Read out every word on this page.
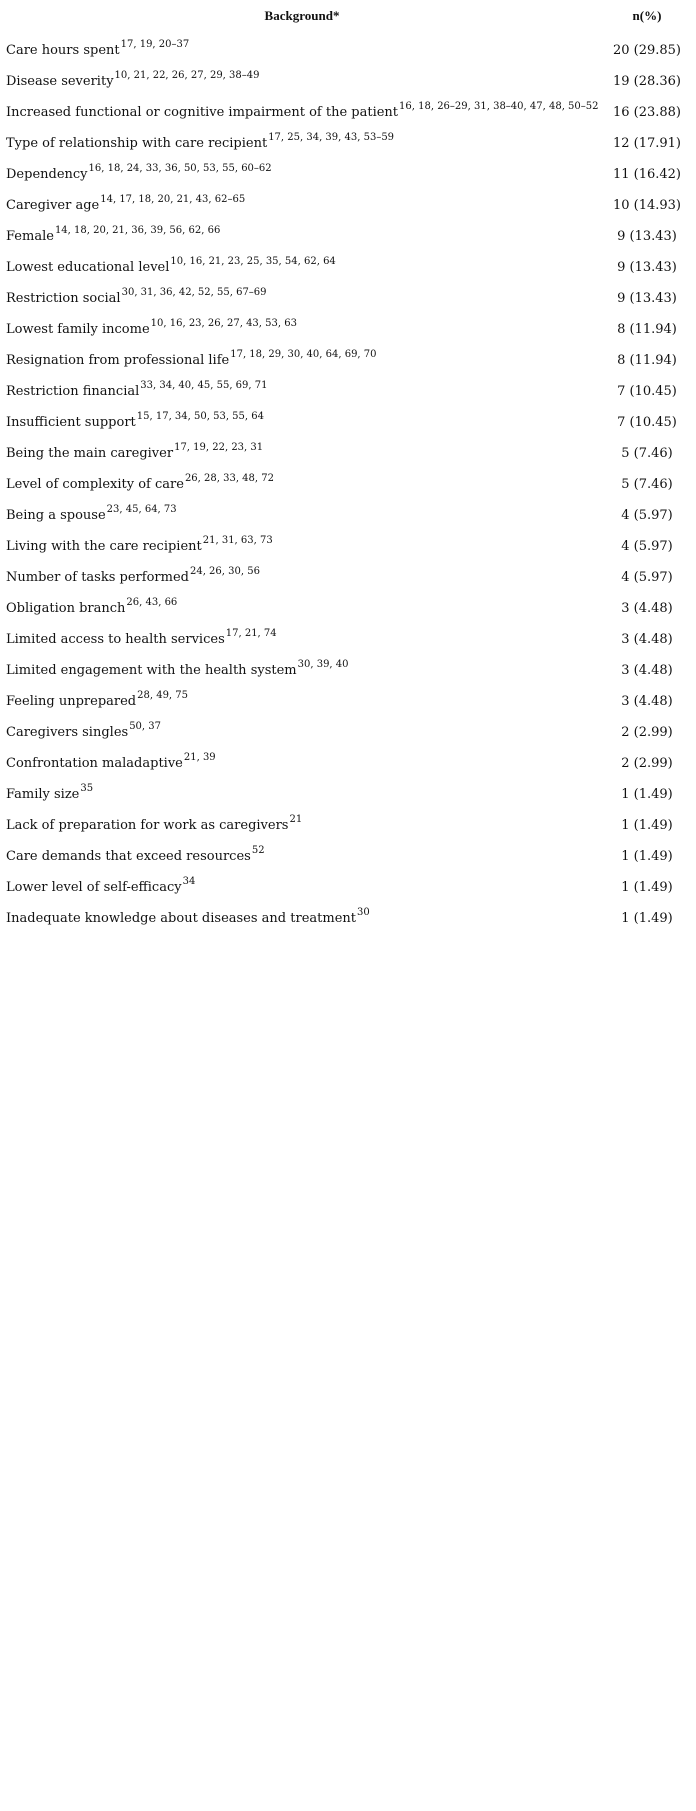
Background*	n(%)
Care hours spent$^{17, 19, 20-37}$	20 (29.85)
Disease severity$^{10, 21, 22, 26, 27, 29, 38-49}$	19 (28.36)
Increased functional or cognitive impairment of the patient$^{16, 18, 26-29, 31, 38-40, 47, 48, 50-52}$	16 (23.88)
Type of relationship with care recipient$^{17, 25, 34, 39, 43, 53-59}$	12 (17.91)
Dependency$^{16, 18, 24, 33, 36, 50, 53, 55, 60-62}$	11 (16.42)
Caregiver age$^{14, 17, 18, 20, 21, 43, 62-65}$	10 (14.93)
Female$^{14, 18, 20, 21, 36, 39, 56, 62, 66}$	9 (13.43)
Lowest educational level$^{10, 16, 21, 23, 25, 35, 54, 62, 64}$	9 (13.43)
Restriction social$^{30, 31, 36, 42, 52, 55, 67-69}$	9 (13.43)
Lowest family income$^{10, 16, 23, 26, 27, 43, 53, 63}$	8 (11.94)
Resignation from professional life$^{17, 18, 29, 30, 40, 64, 69, 70}$	8 (11.94)
Restriction financial$^{33, 34, 40, 45, 55, 69, 71}$	7 (10.45)
Insufficient support$^{15, 17, 34, 50, 53, 55, 64}$	7 (10.45)
Being the main caregiver$^{17, 19, 22, 23, 31}$	5 (7.46)
Level of complexity of care$^{26, 28, 33, 48, 72}$	5 (7.46)
Being a spouse$^{23, 45, 64, 73}$	4 (5.97)
Living with the care recipient$^{21, 31, 63, 73}$	4 (5.97)
Number of tasks performed$^{24, 26, 30, 56}$	4 (5.97)
Obligation branch$^{26, 43, 66}$	3 (4.48)
Limited access to health services$^{17, 21, 74}$	3 (4.48)
Limited engagement with the health system$^{30, 39, 40}$	3 (4.48)
Feeling unprepared$^{28, 49, 75}$	3 (4.48)
Caregivers singles$^{50, 37}$	2 (2.99)
Confrontation maladaptive$^{21, 39}$	2 (2.99)
Family size$^{35}$	1 (1.49)
Lack of preparation for work as caregivers$^{21}$	1 (1.49)
Care demands that exceed resources$^{52}$	1 (1.49)
Lower level of self-efficacy$^{34}$	1 (1.49)
Inadequate knowledge about diseases and treatment$^{30}$	1 (1.49)
